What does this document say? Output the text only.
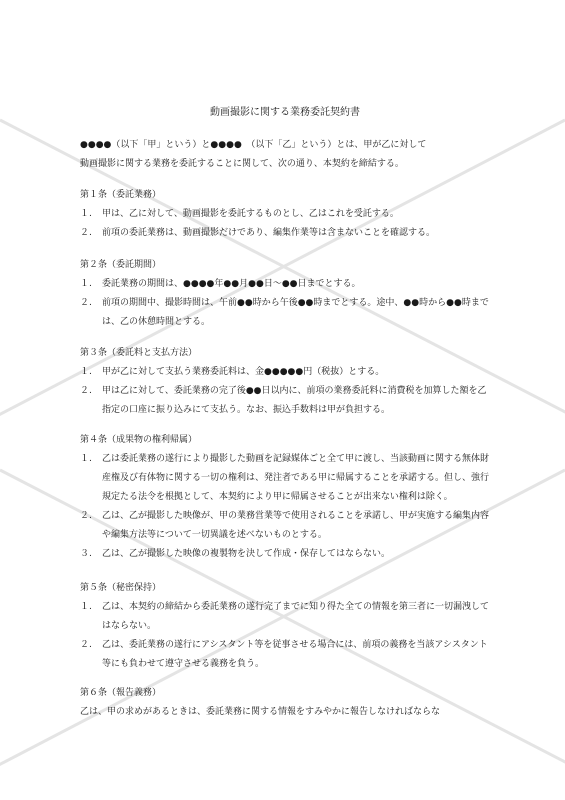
動画撮影に関する業務委託契約書
●●●●（以下「甲」という）と●●●●　（以下「乙」という）とは、甲が乙に対して
動画撮影に関する業務を委託することに関して、次の通り、本契約を締結する。
第１条（委託業務）
１.	甲は、乙に対して、動画撮影を委託するものとし、乙はこれを受託する。
２.	前項の委託業務は、動画撮影だけであり、編集作業等は含まないことを確認する。
第２条（委託期間）
１.	委託業務の期間は、●●●●年●●月●●日～●●日までとする。
２.	前項の期間中、撮影時間は、午前●●時から午後●●時までとする。途中、●●時から●●時までは、乙の休憩時間とする。
第３条（委託料と支払方法）
１.	甲が乙に対して支払う業務委託料は、金●●●●●円（税抜）とする。
２.	甲は乙に対して、委託業務の完了後●●日以内に、前項の業務委託料に消費税を加算した額を乙指定の口座に振り込みにて支払う。なお、振込手数料は甲が負担する。
第４条（成果物の権利帰属）
１.	乙は委託業務の遂行により撮影した動画を記録媒体ごと全て甲に渡し、当該動画に関する無体財産権及び有体物に関する一切の権利は、発注者である甲に帰属することを承諾する。但し、強行規定たる法令を根拠として、本契約により甲に帰属させることが出来ない権利は除く。
２.	乙は、乙が撮影した映像が、甲の業務営業等で使用されることを承諾し、甲が実施する編集内容や編集方法等について一切異議を述べないものとする。
３.	乙は、乙が撮影した映像の複製物を決して作成・保存してはならない。
第５条（秘密保持）
１.	乙は、本契約の締結から委託業務の遂行完了までに知り得た全ての情報を第三者に一切漏洩してはならない。
２.	乙は、委託業務の遂行にアシスタント等を従事させる場合には、前項の義務を当該アシスタント等にも負わせて遵守させる義務を負う。
第６条（報告義務）
乙は、甲の求めがあるときは、委託業務に関する情報をすみやかに報告しなければならな
